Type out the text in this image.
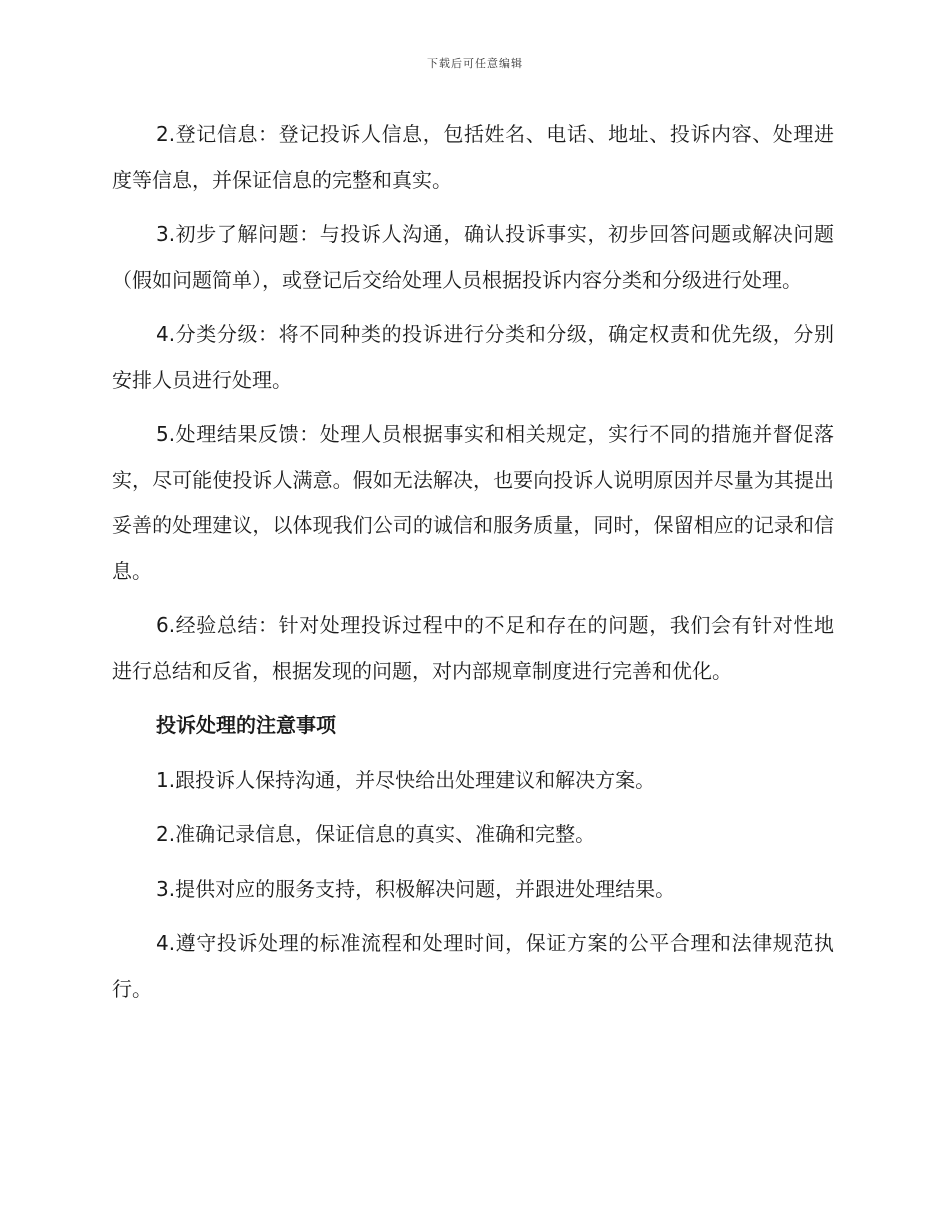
下载后可任意编辑

2.登记信息：登记投诉人信息，包括姓名、电话、地址、投诉内容、处理进度等信息，并保证信息的完整和真实。

3.初步了解问题：与投诉人沟通，确认投诉事实，初步回答问题或解决问题（假如问题简单），或登记后交给处理人员根据投诉内容分类和分级进行处理。

4.分类分级：将不同种类的投诉进行分类和分级，确定权责和优先级，分别安排人员进行处理。

5.处理结果反馈：处理人员根据事实和相关规定，实行不同的措施并督促落实，尽可能使投诉人满意。假如无法解决，也要向投诉人说明原因并尽量为其提出妥善的处理建议，以体现我们公司的诚信和服务质量，同时，保留相应的记录和信息。

6.经验总结：针对处理投诉过程中的不足和存在的问题，我们会有针对性地进行总结和反省，根据发现的问题，对内部规章制度进行完善和优化。

投诉处理的注意事项

1.跟投诉人保持沟通，并尽快给出处理建议和解决方案。

2.准确记录信息，保证信息的真实、准确和完整。

3.提供对应的服务支持，积极解决问题，并跟进处理结果。

4.遵守投诉处理的标准流程和处理时间，保证方案的公平合理和法律规范执行。
